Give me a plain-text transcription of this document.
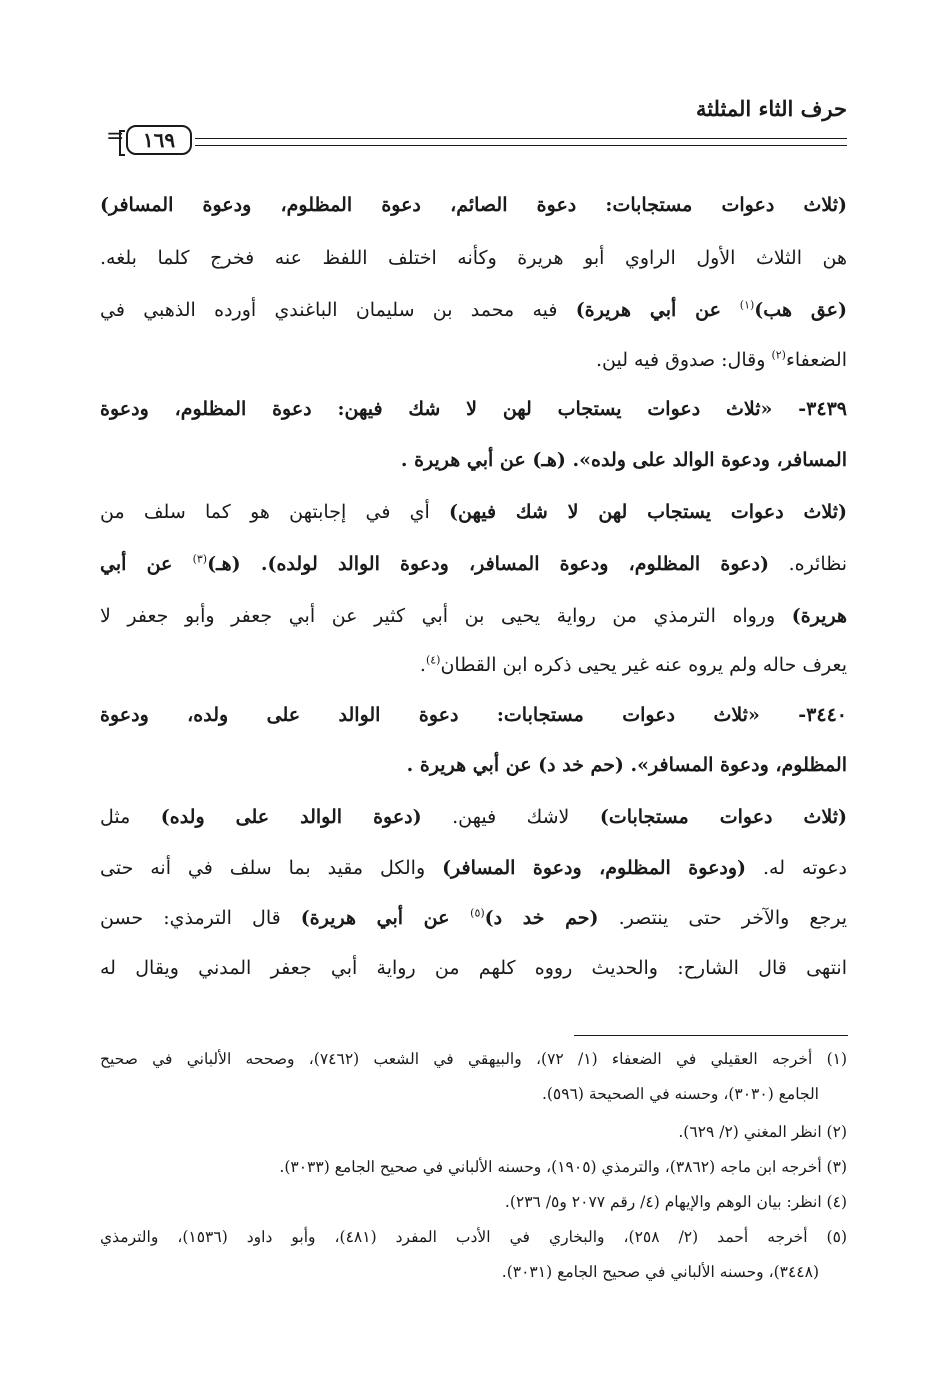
حرف الثاء المثلثة
= ١٦٩
(ثلاث دعوات مستجابات: دعوة الصائم، دعوة المظلوم، ودعوة المسافر)
هن الثلاث الأول الراوي أبو هريرة وكأنه اختلف اللفظ عنه فخرج كلما بلغه.
(عق هب)$^{(١)}$ عن أبي هريرة) فيه محمد بن سليمان الباغندي أورده الذهبي في
الضعفاء$^{(٢)}$ وقال: صدوق فيه لين.
٣٤٣٩- «ثلاث دعوات يستجاب لهن لا شك فيهن: دعوة المظلوم، ودعوة
المسافر، ودعوة الوالد على ولده». (هـ) عن أبي هريرة .
(ثلاث دعوات يستجاب لهن لا شك فيهن) أي في إجابتهن هو كما سلف من
نظائره. (دعوة المظلوم، ودعوة المسافر، ودعوة الوالد لولده). (هـ)$^{(٣)}$ عن أبي
هريرة) ورواه الترمذي من رواية يحيى بن أبي كثير عن أبي جعفر وأبو جعفر لا
يعرف حاله ولم يروه عنه غير يحيى ذكره ابن القطان$^{(٤)}$.
٣٤٤٠- «ثلاث دعوات مستجابات: دعوة الوالد على ولده، ودعوة
المظلوم، ودعوة المسافر». (حم خد د) عن أبي هريرة .
(ثلاث دعوات مستجابات) لاشك فيهن. (دعوة الوالد على ولده) مثل
دعوته له. (ودعوة المظلوم، ودعوة المسافر) والكل مقيد بما سلف في أنه حتى
يرجع والآخر حتى ينتصر. (حم خد د)$^{(٥)}$ عن أبي هريرة) قال الترمذي: حسن
انتهى قال الشارح: والحديث رووه كلهم من رواية أبي جعفر المدني ويقال له
(١) أخرجه العقيلي في الضعفاء (١/ ٧٢)، والبيهقي في الشعب (٧٤٦٢)، وصححه الألباني في صحيح
الجامع (٣٠٣٠)، وحسنه في الصحيحة (٥٩٦).
(٢) انظر المغني (٢/ ٦٢٩).
(٣) أخرجه ابن ماجه (٣٨٦٢)، والترمذي (١٩٠٥)، وحسنه الألباني في صحيح الجامع (٣٠٣٣).
(٤) انظر: بيان الوهم والإيهام (٤/ رقم ٢٠٧٧ و٥/ ٢٣٦).
(٥) أخرجه أحمد (٢/ ٢٥٨)، والبخاري في الأدب المفرد (٤٨١)، وأبو داود (١٥٣٦)، والترمذي
(٣٤٤٨)، وحسنه الألباني في صحيح الجامع (٣٠٣١).
